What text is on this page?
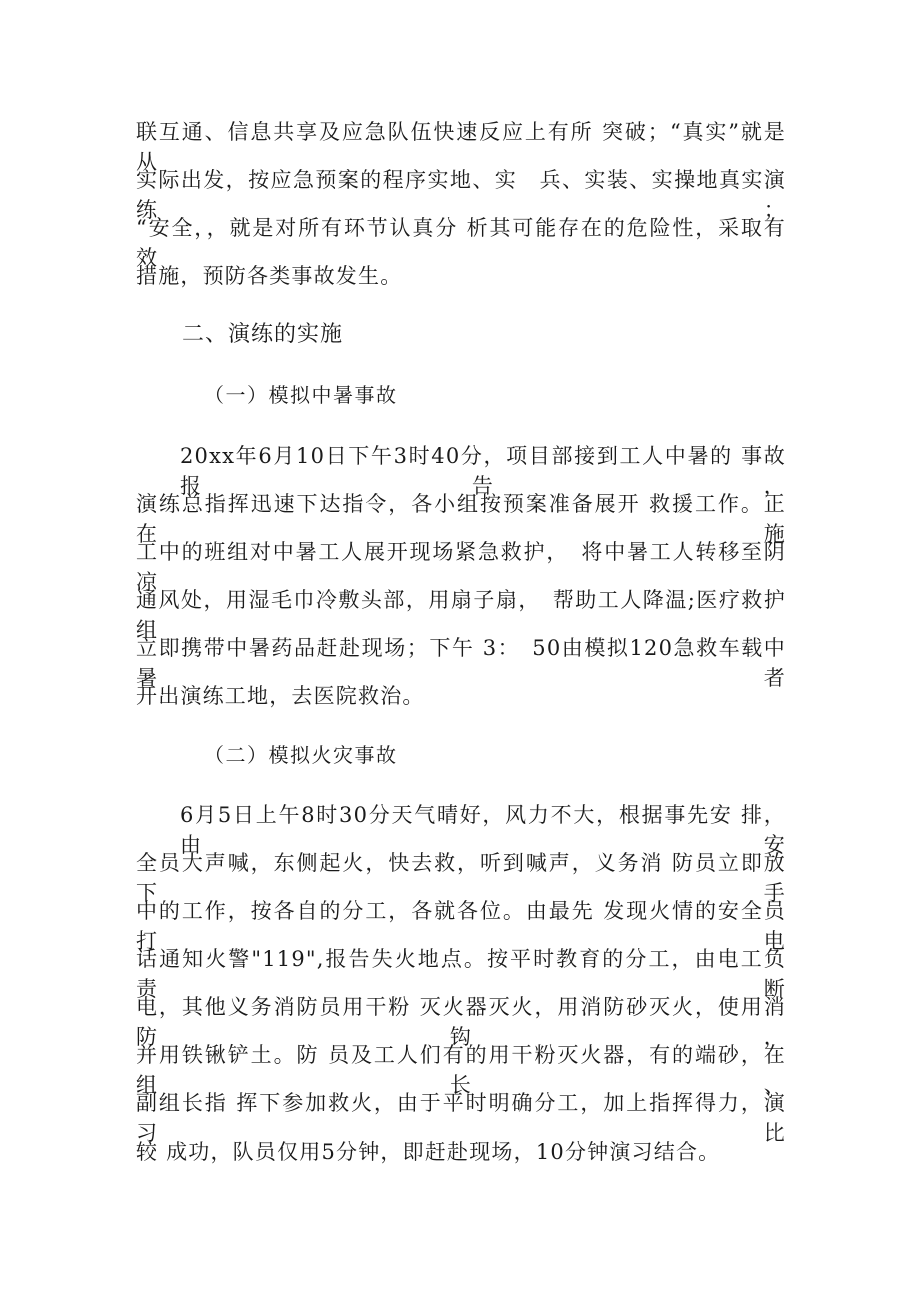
联互通、信息共享及应急队伍快速反应上有所 突破；“真实”就是从
实际出发，按应急预案的程序实地、实　兵、实装、实操地真实演练；
“安全，，就是对所有环节认真分 析其可能存在的危险性，采取有效
措施，预防各类事故发生。
二、演练的实施
（一）模拟中暑事故
20xx年6月10日下午3时40分，项目部接到工人中暑的 事故报告，
演练总指挥迅速下达指令，各小组按预案准备展开 救援工作。正在施
工中的班组对中暑工人展开现场紧急救护，　将中暑工人转移至阴凉
通风处，用湿毛巾冷敷头部，用扇子扇，　帮助工人降温;医疗救护组
立即携带中暑药品赶赴现场；下午 3：　50由模拟120急救车载中暑者
开出演练工地，去医院救治。
（二）模拟火灾事故
6月5日上午8时30分天气晴好，风力不大，根据事先安 排，由安
全员大声喊，东侧起火，快去救，听到喊声，义务消 防员立即放下手
中的工作，按各自的分工，各就各位。由最先 发现火情的安全员打电
话通知火警"119",报告失火地点。按平时教育的分工，由电工负责断
电，其他义务消防员用干粉 灭火器灭火，用消防砂灭火，使用消防钩，
并用铁锹铲土。防 员及工人们有的用干粉灭火器，有的端砂，在组长、
副组长指 挥下参加救火，由于平时明确分工，加上指挥得力，演习比
较 成功，队员仅用5分钟，即赶赴现场，10分钟演习结合。
